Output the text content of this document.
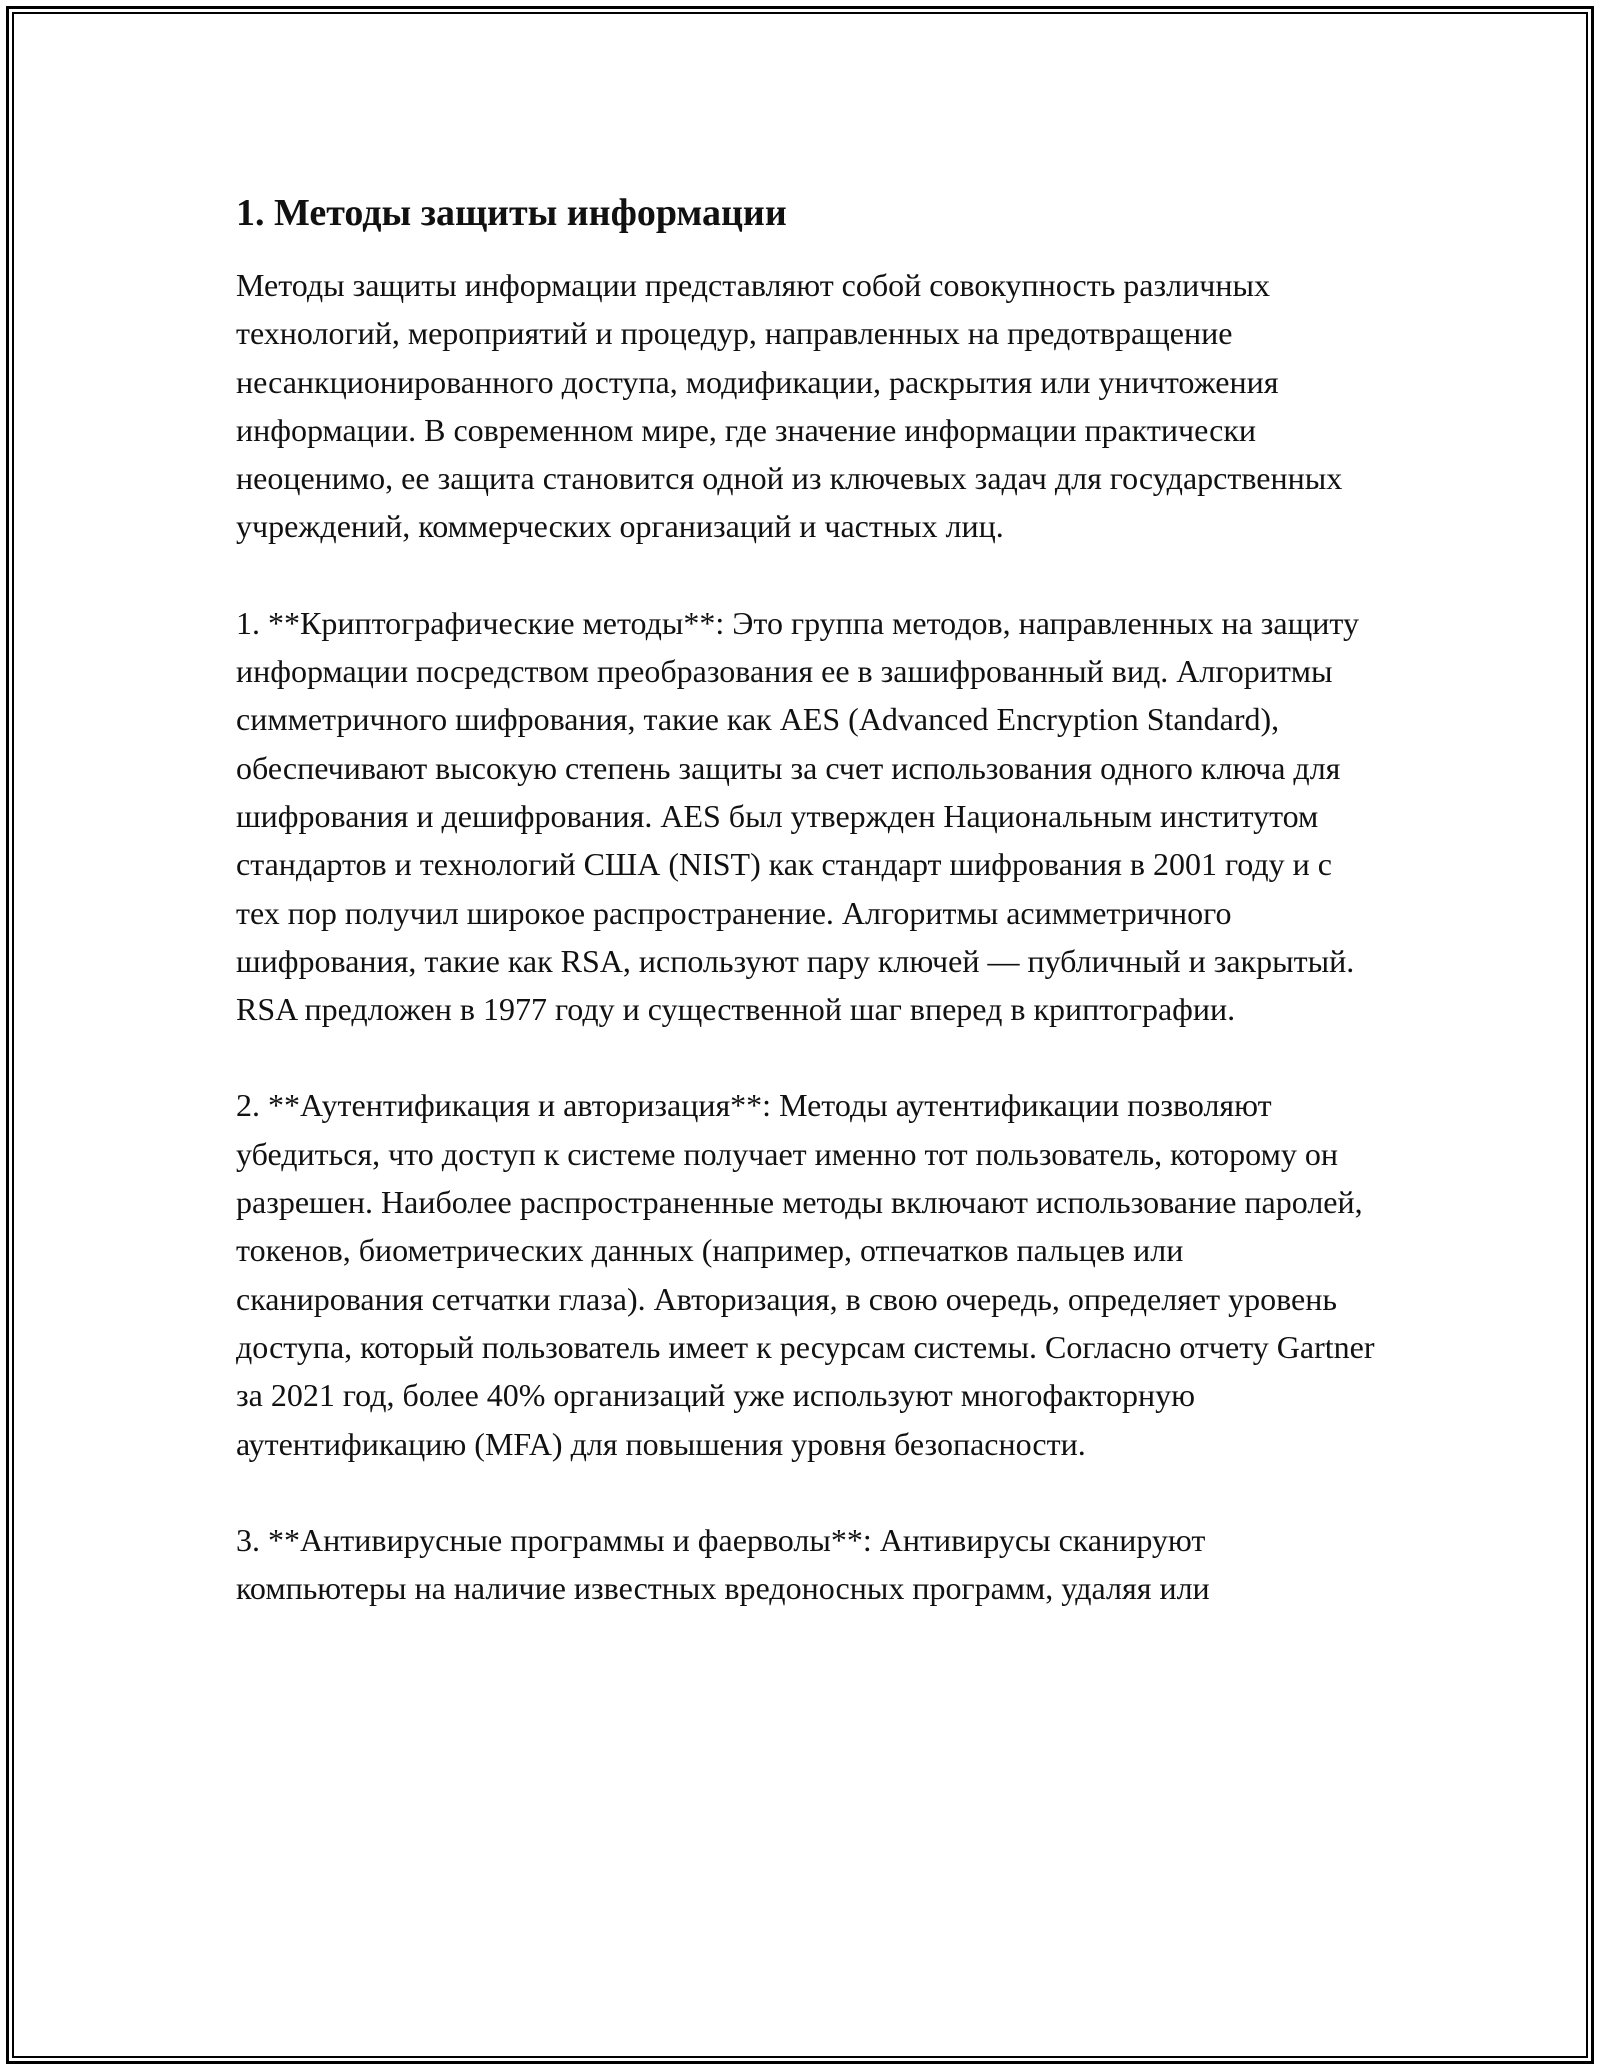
1. Методы защиты информации

Методы защиты информации представляют собой совокупность различных технологий, мероприятий и процедур, направленных на предотвращение несанкционированного доступа, модификации, раскрытия или уничтожения информации. В современном мире, где значение информации практически неоценимо, ее защита становится одной из ключевых задач для государственных учреждений, коммерческих организаций и частных лиц.

1. **Криптографические методы**: Это группа методов, направленных на защиту информации посредством преобразования ее в зашифрованный вид. Алгоритмы симметричного шифрования, такие как AES (Advanced Encryption Standard), обеспечивают высокую степень защиты за счет использования одного ключа для шифрования и дешифрования. AES был утвержден Национальным институтом стандартов и технологий США (NIST) как стандарт шифрования в 2001 году и с тех пор получил широкое распространение. Алгоритмы асимметричного шифрования, такие как RSA, используют пару ключей — публичный и закрытый. RSA предложен в 1977 году и существенной шаг вперед в криптографии.

2. **Аутентификация и авторизация**: Методы аутентификации позволяют убедиться, что доступ к системе получает именно тот пользователь, которому он разрешен. Наиболее распространенные методы включают использование паролей, токенов, биометрических данных (например, отпечатков пальцев или сканирования сетчатки глаза). Авторизация, в свою очередь, определяет уровень доступа, который пользователь имеет к ресурсам системы. Согласно отчету Gartner за 2021 год, более 40% организаций уже используют многофакторную аутентификацию (MFA) для повышения уровня безопасности.

3. **Антивирусные программы и фаерволы**: Антивирусы сканируют компьютеры на наличие известных вредоносных программ, удаляя или
